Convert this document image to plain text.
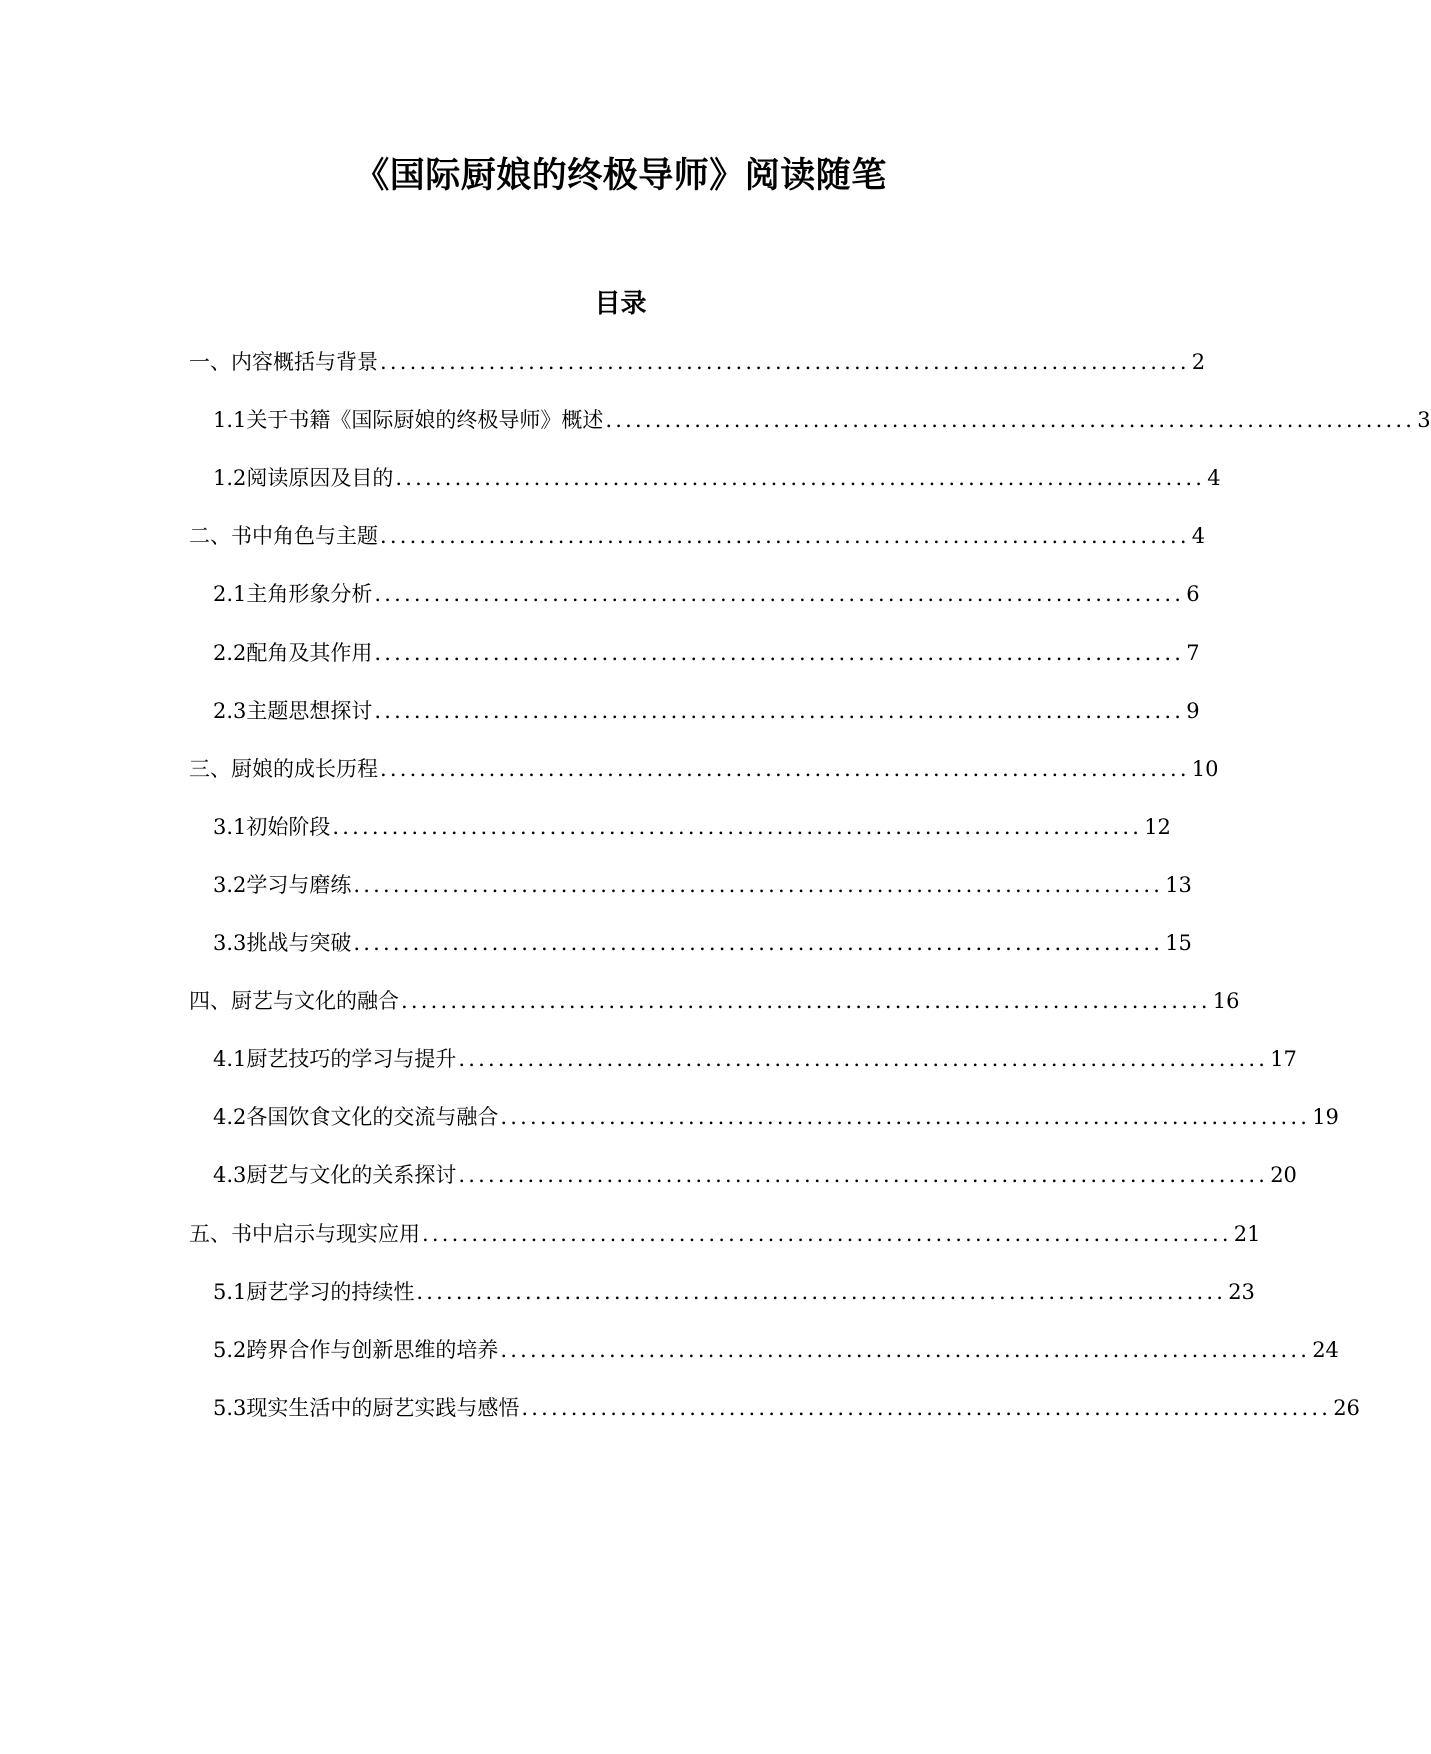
《国际厨娘的终极导师》阅读随笔
目录
一、 内容概括与背景 .................................................................................. 2
1.1 关于书籍《国际厨娘的终极导师》概述 .................................................................................. 3
1.2 阅读原因及目的 .................................................................................. 4
二、 书中角色与主题 .................................................................................. 4
2.1 主角形象分析 .................................................................................. 6
2.2 配角及其作用 .................................................................................. 7
2.3 主题思想探讨 .................................................................................. 9
三、 厨娘的成长历程 .................................................................................. 10
3.1 初始阶段 .................................................................................. 12
3.2 学习与磨练 .................................................................................. 13
3.3 挑战与突破 .................................................................................. 15
四、 厨艺与文化的融合 .................................................................................. 16
4.1 厨艺技巧的学习与提升 .................................................................................. 17
4.2 各国饮食文化的交流与融合 .................................................................................. 19
4.3 厨艺与文化的关系探讨 .................................................................................. 20
五、 书中启示与现实应用 .................................................................................. 21
5.1 厨艺学习的持续性 .................................................................................. 23
5.2 跨界合作与创新思维的培养 .................................................................................. 24
5.3 现实生活中的厨艺实践与感悟 .................................................................................. 26
